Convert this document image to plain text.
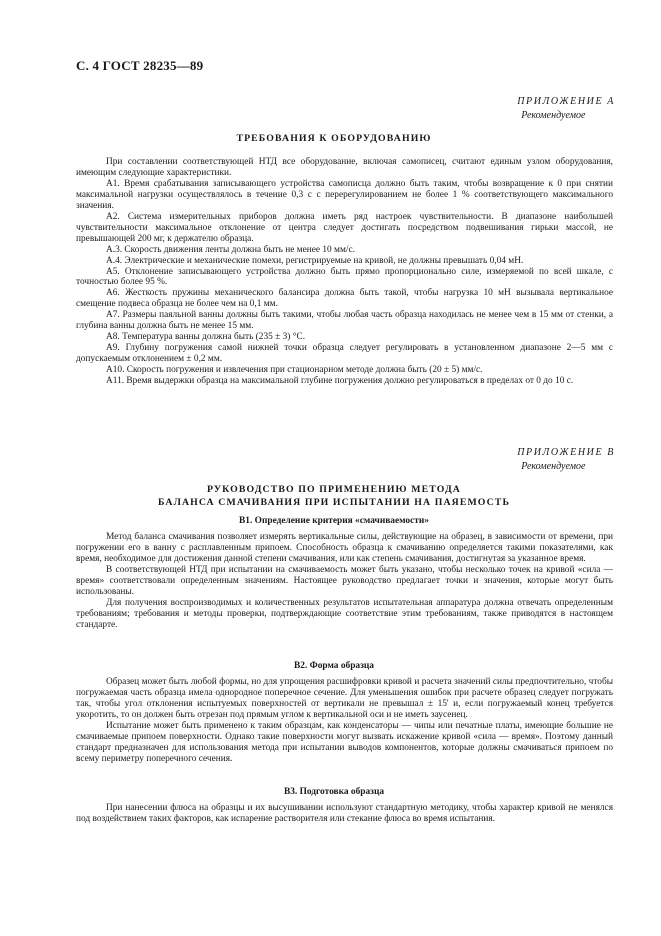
С. 4 ГОСТ 28235—89
ПРИЛОЖЕНИЕ А
Рекомендуемое
ТРЕБОВАНИЯ К ОБОРУДОВАНИЮ

При составлении соответствующей НТД все оборудование, включая самописец, считают единым узлом оборудования, имеющим следующие характеристики.

А1. Время срабатывания записывающего устройства самописца должно быть таким, чтобы возвращение к 0 при снятии максимальной нагрузки осуществлялось в течение 0,3 с с перерегулированием не более 1 % соответствующего максимального значения.

А2. Система измерительных приборов должна иметь ряд настроек чувствительности. В диапазоне наибольшей чувствительности максимальное отклонение от центра следует достигать посредством подвешивания гирьки массой, не превышающей 200 мг, к держателю образца.

А.3. Скорость движения ленты должна быть не менее 10 мм/с.

А.4. Электрические и механические помехи, регистрируемые на кривой, не должны превышать 0,04 мН.

А5. Отклонение записывающего устройства должно быть прямо пропорционально силе, измеряемой по всей шкале, с точностью более 95 %.

А6. Жесткость пружины механического балансира должна быть такой, чтобы нагрузка 10 мН вызывала вертикальное смещение подвеса образца не более чем на 0,1 мм.

А7. Размеры паяльной ванны должны быть такими, чтобы любая часть образца находилась не менее чем в 15 мм от стенки, а глубина ванны должна быть не менее 15 мм.

А8. Температура ванны должна быть (235 ± 3) °С.

А9. Глубину погружения самой нижней точки образца следует регулировать в установленном диапазоне 2—5 мм с допускаемым отклонением ± 0,2 мм.

А10. Скорость погружения и извлечения при стационарном методе должна быть (20 ± 5) мм/с.

А11. Время выдержки образца на максимальной глубине погружения должно регулироваться в пределах от 0 до 10 с.

ПРИЛОЖЕНИЕ В
Рекомендуемое
РУКОВОДСТВО ПО ПРИМЕНЕНИЮ МЕТОДА
БАЛАНСА СМАЧИВАНИЯ ПРИ ИСПЫТАНИИ НА ПАЯЕМОСТЬ
В1. Определение критерия «смачиваемости»

Метод баланса смачивания позволяет измерять вертикальные силы, действующие на образец, в зависимости от времени, при погружении его в ванну с расплавленным припоем. Способность образца к смачиванию определяется такими показателями, как время, необходимое для достижения данной степени смачивания, или как степень смачивания, достигнутая за указанное время.

В соответствующей НТД при испытании на смачиваемость может быть указано, чтобы несколько точек на кривой «сила — время» соответствовали определенным значениям. Настоящее руководство предлагает точки и значения, которые могут быть использованы.

Для получения воспроизводимых и количественных результатов испытательная аппаратура должна отвечать определенным требованиям; требования и методы проверки, подтверждающие соответствие этим требованиям, также приводятся в настоящем стандарте.

В2. Форма образца

Образец может быть любой формы, но для упрощения расшифровки кривой и расчета значений силы предпочтительно, чтобы погружаемая часть образца имела однородное поперечное сечение. Для уменьшения ошибок при расчете образец следует погружать так, чтобы угол отклонения испытуемых поверхностей от вертикали не превышал ± 15' и, если погружаемый конец требуется укоротить, то он должен быть отрезан под прямым углом к вертикальной оси и не иметь заусенец.

Испытание может быть применено к таким образцам, как конденсаторы — чипы или печатные платы, имеющие большие не смачиваемые припоем поверхности. Однако такие поверхности могут вызвать искажение кривой «сила — время». Поэтому данный стандарт предназначен для использования метода при испытании выводов компонентов, которые должны смачиваться припоем по всему периметру поперечного сечения.

В3. Подготовка образца

При нанесении флюса на образцы и их высушивании используют стандартную методику, чтобы характер кривой не менялся под воздействием таких факторов, как испарение растворителя или стекание флюса во время испытания.
